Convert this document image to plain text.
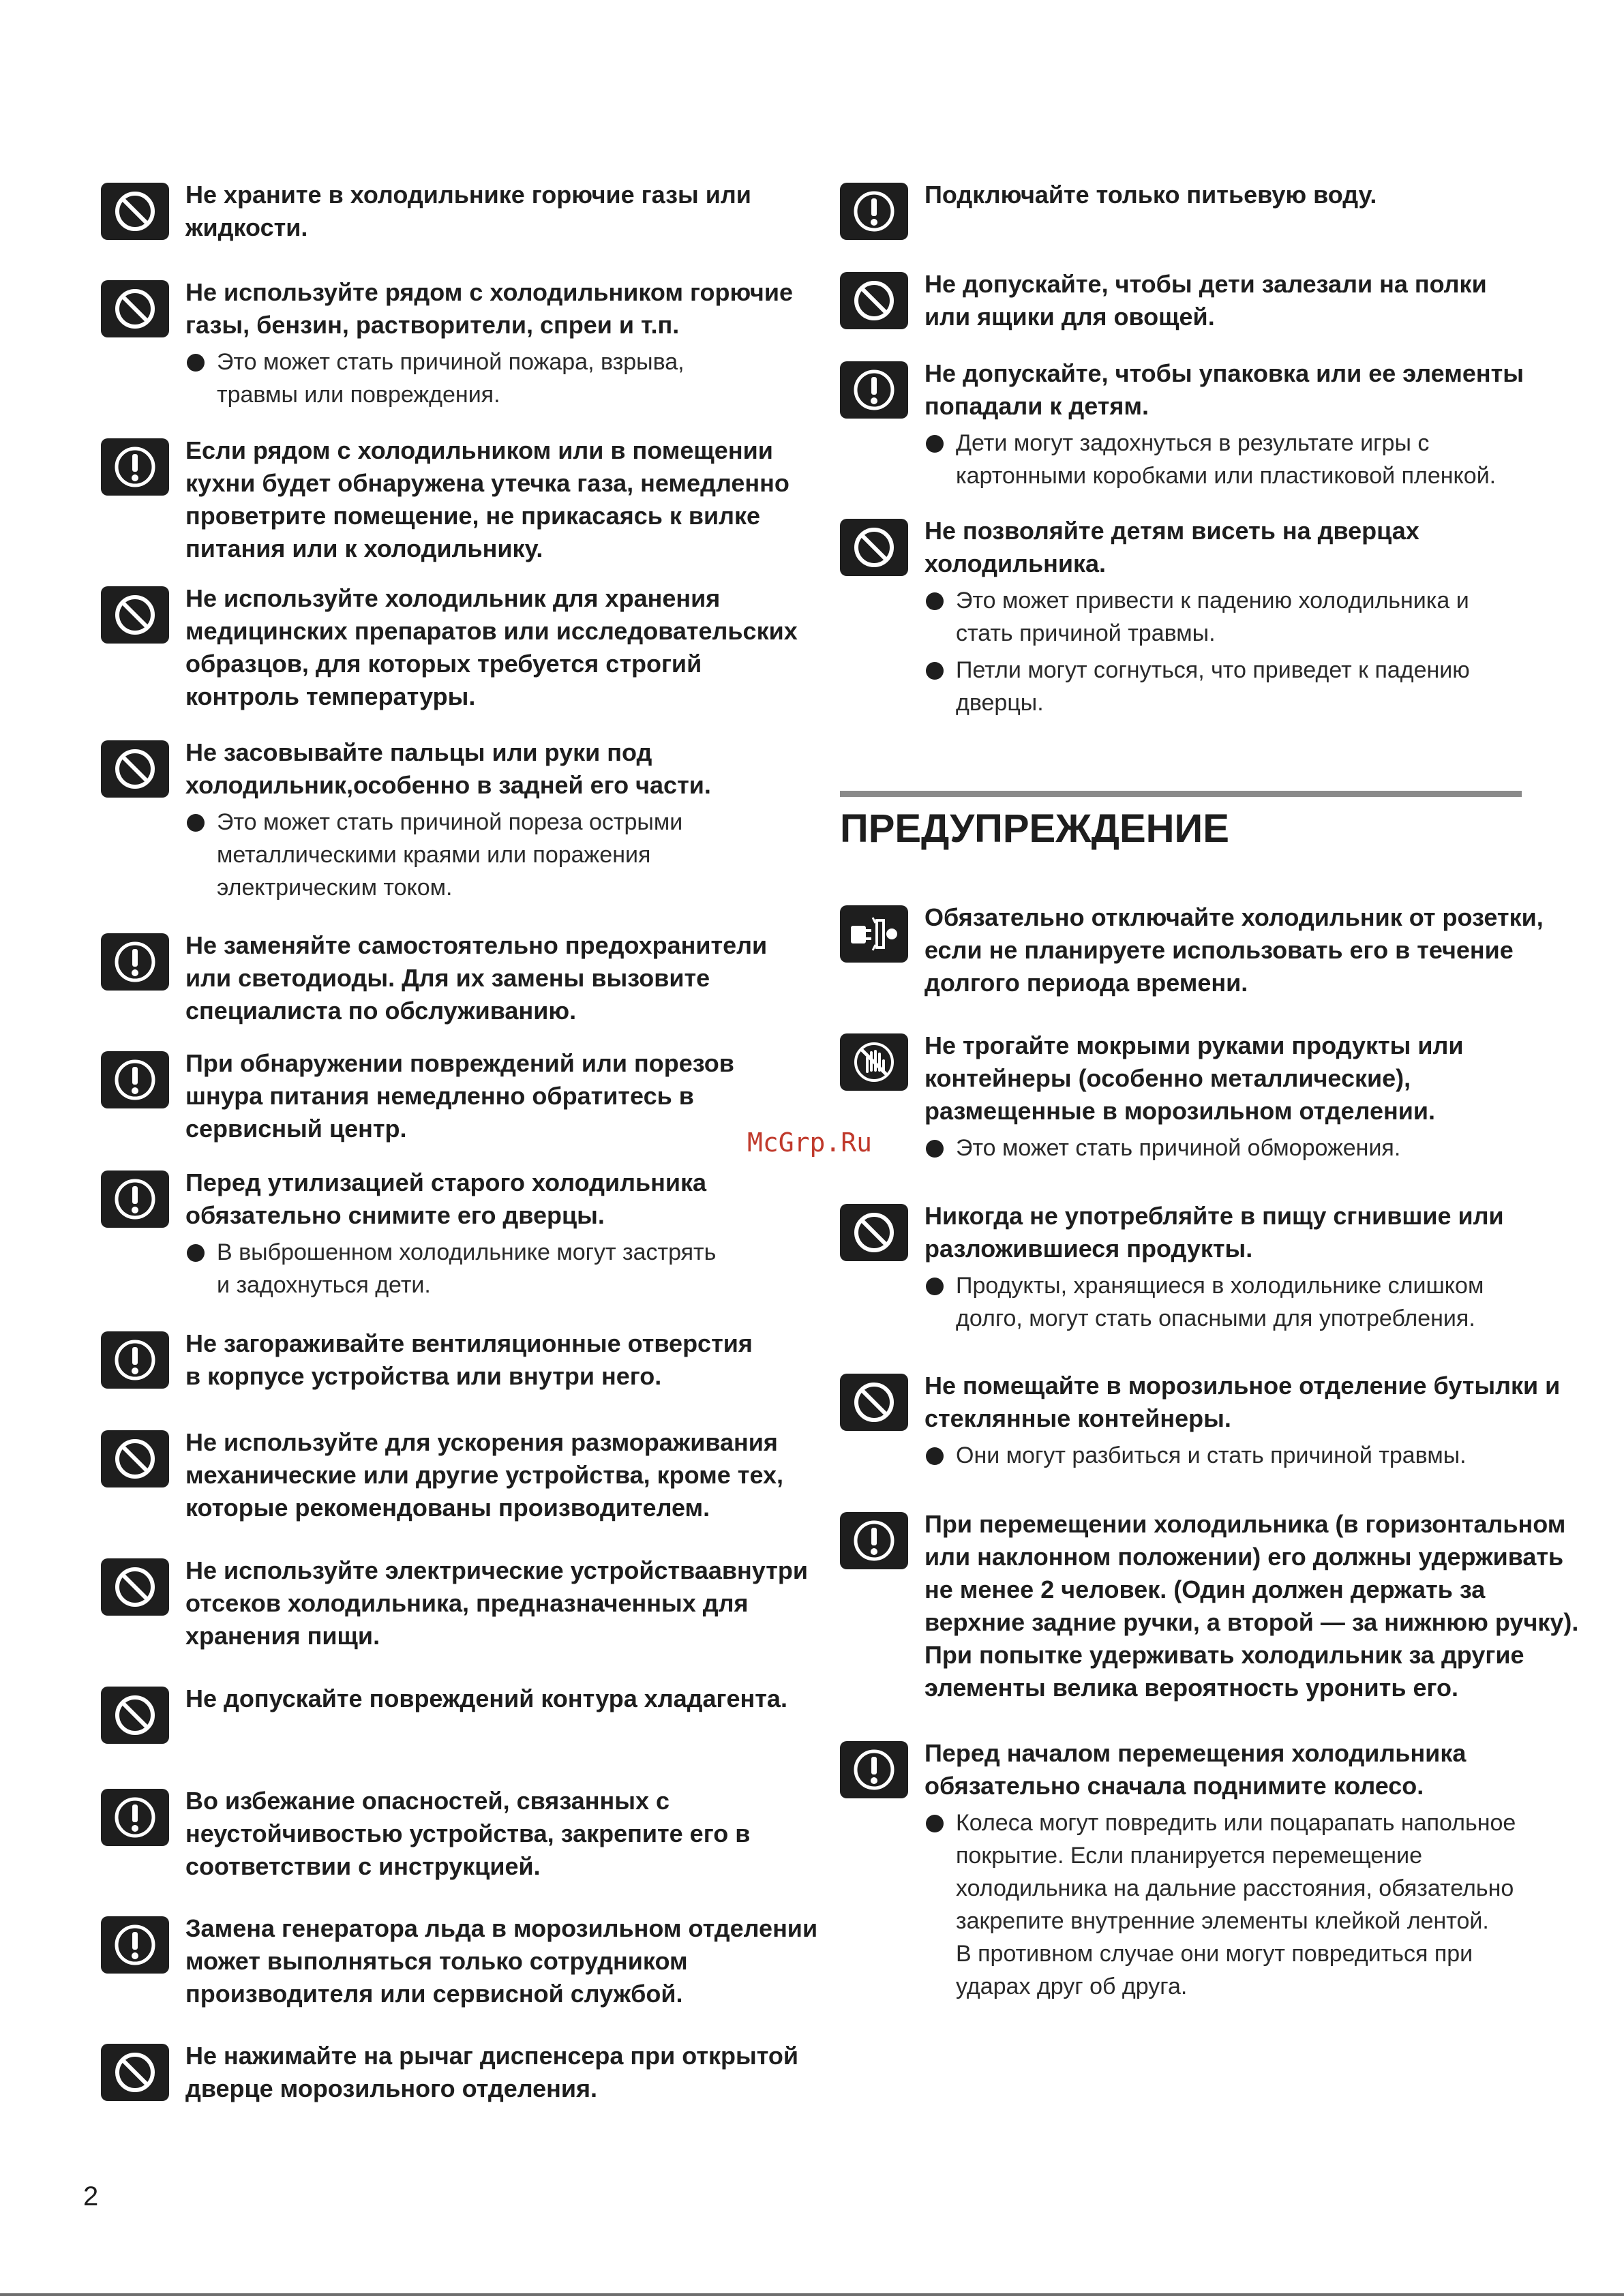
Не храните в холодильнике горючие газы или
жидкости.
Не используйте рядом с холодильником горючие
газы, бензин, растворители, спреи и т.п.
Это может стать причиной пожара, взрыва,
травмы или повреждения.
Если рядом с холодильником или в помещении
кухни будет обнаружена утечка газа, немедленно
проветрите помещение, не прикасаясь к вилке
питания или к холодильнику.
Не используйте холодильник для хранения
медицинских препаратов или исследовательских
образцов, для которых требуется строгий
контроль температуры.
Не засовывайте пальцы или руки под
холодильник,особенно в задней его части.
Это может стать причиной пореза острыми
металлическими краями или поражения
электрическим током.
Не заменяйте самостоятельно предохранители
или светодиоды. Для их замены вызовите
специалиста по обслуживанию.
При обнаружении повреждений или порезов
шнура питания немедленно обратитесь в
сервисный центр.
Перед утилизацией старого холодильника
обязательно снимите его дверцы.
В выброшенном холодильнике могут застрять
и задохнуться дети.
Не загораживайте вентиляционные отверстия
в корпусе устройства или внутри него.
Не используйте для ускорения размораживания
механические или другие устройства, кроме тех,
которые рекомендованы производителем.
Не используйте электрические устройстваавнутри
отсеков холодильника, предназначенных для
хранения пищи.
Не допускайте повреждений контура хладагента.
Во избежание опасностей, связанных с
неустойчивостью устройства, закрепите его в
соответствии с инструкцией.
Замена генератора льда в морозильном отделении
может выполняться только сотрудником
производителя или сервисной службой.
Не нажимайте на рычаг диспенсера при открытой
дверце морозильного отделения.
Подключайте только питьевую воду.
Не допускайте, чтобы дети залезали на полки
или ящики для овощей.
Не допускайте, чтобы упаковка или ее элементы
попадали к детям.
Дети могут задохнуться в результате игры с
картонными коробками или пластиковой пленкой.
Не позволяйте детям висеть на дверцах
холодильника.
Это может привести к падению холодильника и
стать причиной травмы.
Петли могут согнуться, что приведет к падению
дверцы.
Обязательно отключайте холодильник от розетки,
если не планируете использовать его в течение
долгого периода времени.
Не трогайте мокрыми руками продукты или
контейнеры (особенно металлические),
размещенные в морозильном отделении.
Это может стать причиной обморожения.
Никогда не употребляйте в пищу сгнившие или
разложившиеся продукты.
Продукты, хранящиеся в холодильнике слишком
долго, могут стать опасными для употребления.
Не помещайте в морозильное отделение бутылки и
стеклянные контейнеры.
Они могут разбиться и стать причиной травмы.
При перемещении холодильника (в горизонтальном
или наклонном положении) его должны удерживать
не менее 2 человек. (Один должен держать за
верхние задние ручки, а второй — за нижнюю ручку).
При попытке удерживать холодильник за другие
элементы велика вероятность уронить его.
Перед началом перемещения холодильника
обязательно сначала поднимите колесо.
Колеса могут повредить или поцарапать напольное
покрытие. Если планируется перемещение
холодильника на дальние расстояния, обязательно
закрепите внутренние элементы клейкой лентой.
В противном случае они могут повредиться при
ударах друг об друга.
ПРЕДУПРЕЖДЕНИЕ
McGrp.Ru
2
